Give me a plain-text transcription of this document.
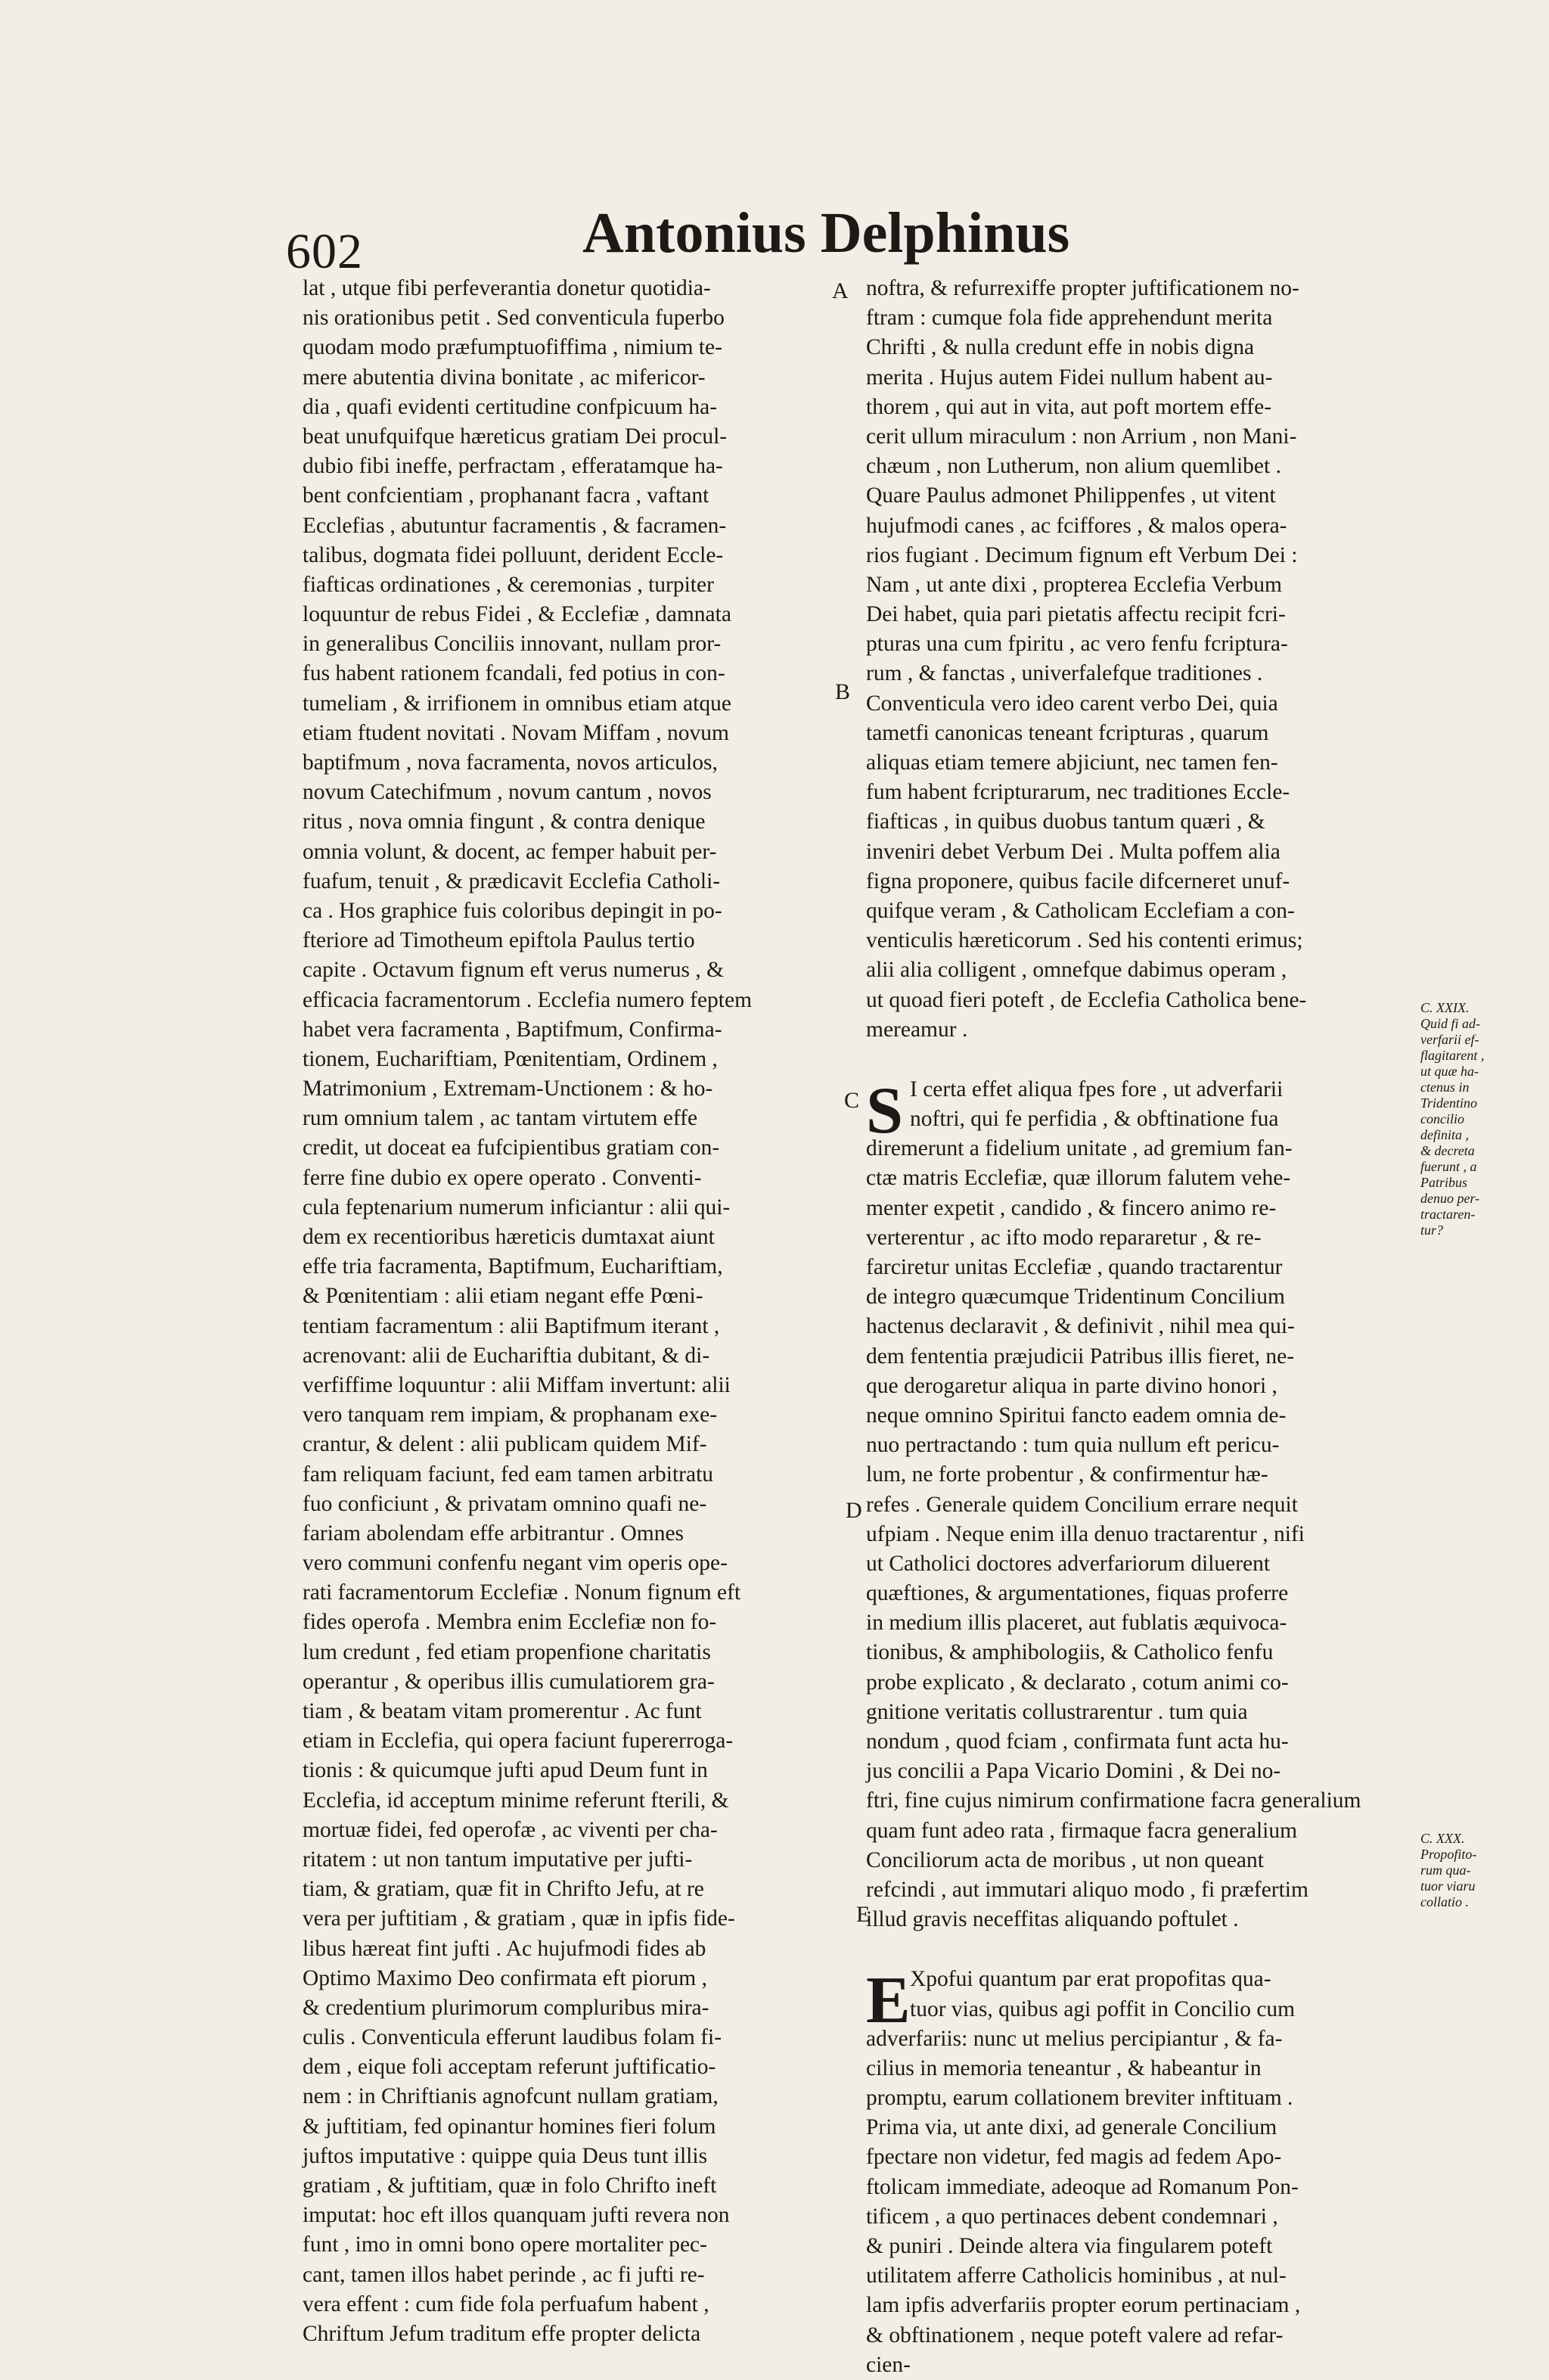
602	Antonius Delphinus
A
B
C
D
E
lat , utque fibi perfeverantia donetur quotidia-
nis orationibus petit . Sed conventicula fuperbo
quodam modo præfumptuofiffima , nimium te-
mere abutentia divina bonitate , ac mifericor-
dia , quafi evidenti certitudine confpicuum ha-
beat unufquifque hæreticus gratiam Dei procul-
dubio fibi ineffe, perfractam , efferatamque ha-
bent confcientiam , prophanant facra , vaftant
Ecclefias , abutuntur facramentis , & facramen-
talibus, dogmata fidei polluunt, derident Eccle-
fiafticas ordinationes , & ceremonias , turpiter
loquuntur de rebus Fidei , & Ecclefiæ , damnata
in generalibus Conciliis innovant, nullam pror-
fus habent rationem fcandali, fed potius in con-
tumeliam , & irrifionem in omnibus etiam atque
etiam ftudent novitati . Novam Miffam , novum
baptifmum , nova facramenta, novos articulos,
novum Catechifmum , novum cantum , novos
ritus , nova omnia fingunt , & contra denique
omnia volunt, & docent, ac femper habuit per-
fuafum, tenuit , & prædicavit Ecclefia Catholi-
ca . Hos graphice fuis coloribus depingit in po-
fteriore ad Timotheum epiftola Paulus tertio
capite . Octavum fignum eft verus numerus , &
efficacia facramentorum . Ecclefia numero feptem
habet vera facramenta , Baptifmum, Confirma-
tionem, Euchariftiam, Pœnitentiam, Ordinem ,
Matrimonium , Extremam-Unctionem : & ho-
rum omnium talem , ac tantam virtutem effe
credit, ut doceat ea fufcipientibus gratiam con-
ferre fine dubio ex opere operato . Conventi-
cula feptenarium numerum inficiantur : alii qui-
dem ex recentioribus hæreticis dumtaxat aiunt
effe tria facramenta, Baptifmum, Euchariftiam,
& Pœnitentiam : alii etiam negant effe Pœni-
tentiam facramentum : alii Baptifmum iterant ,
acrenovant: alii de Euchariftia dubitant, & di-
verfiffime loquuntur : alii Miffam invertunt: alii
vero tanquam rem impiam, & prophanam exe-
crantur, & delent : alii publicam quidem Mif-
fam reliquam faciunt, fed eam tamen arbitratu
fuo conficiunt , & privatam omnino quafi ne-
fariam abolendam effe arbitrantur . Omnes
vero communi confenfu negant vim operis ope-
rati facramentorum Ecclefiæ . Nonum fignum eft
fides operofa . Membra enim Ecclefiæ non fo-
lum credunt , fed etiam propenfione charitatis
operantur , & operibus illis cumulatiorem gra-
tiam , & beatam vitam promerentur . Ac funt
etiam in Ecclefia, qui opera faciunt fupererroga-
tionis : & quicumque jufti apud Deum funt in
Ecclefia, id acceptum minime referunt fterili, &
mortuæ fidei, fed operofæ , ac viventi per cha-
ritatem : ut non tantum imputative per jufti-
tiam, & gratiam, quæ fit in Chrifto Jefu, at re
vera per juftitiam , & gratiam , quæ in ipfis fide-
libus hæreat fint jufti . Ac hujufmodi fides ab
Optimo Maximo Deo confirmata eft piorum ,
& credentium plurimorum compluribus mira-
culis . Conventicula efferunt laudibus folam fi-
dem , eique foli acceptam referunt juftificatio-
nem : in Chriftianis agnofcunt nullam gratiam,
& juftitiam, fed opinantur homines fieri folum
juftos imputative : quippe quia Deus tunt illis
gratiam , & juftitiam, quæ in folo Chrifto ineft
imputat: hoc eft illos quanquam jufti revera non
funt , imo in omni bono opere mortaliter pec-
cant, tamen illos habet perinde , ac fi jufti re-
vera effent : cum fide fola perfuafum habent ,
Chriftum Jefum traditum effe propter delicta
noftra, & refurrexiffe propter juftificationem no-
ftram : cumque fola fide apprehendunt merita
Chrifti , & nulla credunt effe in nobis digna
merita . Hujus autem Fidei nullum habent au-
thorem , qui aut in vita, aut poft mortem effe-
cerit ullum miraculum : non Arrium , non Mani-
chæum , non Lutherum, non alium quemlibet .
Quare Paulus admonet Philippenfes , ut vitent
hujufmodi canes , ac fciffores , & malos opera-
rios fugiant . Decimum fignum eft Verbum Dei :
Nam , ut ante dixi , propterea Ecclefia Verbum
Dei habet, quia pari pietatis affectu recipit fcri-
pturas una cum fpiritu , ac vero fenfu fcriptura-
rum , & fanctas , univerfalefque traditiones .
Conventicula vero ideo carent verbo Dei, quia
tametfi canonicas teneant fcripturas , quarum
aliquas etiam temere abjiciunt, nec tamen fen-
fum habent fcripturarum, nec traditiones Eccle-
fiafticas , in quibus duobus tantum quæri , &
inveniri debet Verbum Dei . Multa poffem alia
figna proponere, quibus facile difcerneret unuf-
quifque veram , & Catholicam Ecclefiam a con-
venticulis hæreticorum . Sed his contenti erimus;
alii alia colligent , omnefque dabimus operam ,
ut quoad fieri poteft , de Ecclefia Catholica bene-
mereamur .
S I certa effet aliqua fpes fore , ut adverfarii
noftri, qui fe perfidia , & obftinatione fua
diremerunt a fidelium unitate , ad gremium fan-
ctæ matris Ecclefiæ, quæ illorum falutem vehe-
menter expetit , candido , & fincero animo re-
verterentur , ac ifto modo repararetur , & re-
farciretur unitas Ecclefiæ , quando tractarentur
de integro quæcumque Tridentinum Concilium
hactenus declaravit , & definivit , nihil mea qui-
dem fententia præjudicii Patribus illis fieret, ne-
que derogaretur aliqua in parte divino honori ,
neque omnino Spiritui fancto eadem omnia de-
nuo pertractando : tum quia nullum eft pericu-
lum, ne forte probentur , & confirmentur hæ-
refes . Generale quidem Concilium errare nequit
ufpiam . Neque enim illa denuo tractarentur , nifi
ut Catholici doctores adverfariorum diluerent
quæftiones, & argumentationes, fiquas proferre
in medium illis placeret, aut fublatis æquivoca-
tionibus, & amphibologiis, & Catholico fenfu
probe explicato , & declarato , cotum animi co-
gnitione veritatis collustrarentur . tum quia
nondum , quod fciam , confirmata funt acta hu-
jus concilii a Papa Vicario Domini , & Dei no-
ftri, fine cujus nimirum confirmatione facra generalium
quam funt adeo rata , firmaque facra generalium
Conciliorum acta de moribus , ut non queant
refcindi , aut immutari aliquo modo , fi præfertim
illud gravis neceffitas aliquando poftulet .
E Xpofui quantum par erat propofitas qua-
tuor vias, quibus agi poffit in Concilio cum
adverfariis: nunc ut melius percipiantur , & fa-
cilius in memoria teneantur , & habeantur in
promptu, earum collationem breviter inftituam .
Prima via, ut ante dixi, ad generale Concilium
fpectare non videtur, fed magis ad fedem Apo-
ftolicam immediate, adeoque ad Romanum Pon-
tificem , a quo pertinaces debent condemnari ,
& puniri . Deinde altera via fingularem poteft
utilitatem afferre Catholicis hominibus , at nul-
lam ipfis adverfariis propter eorum pertinaciam ,
& obftinationem , neque poteft valere ad refar-
cien-
C. XXIX.
Quid fi ad-
verfarii ef-
flagitarent ,
ut quæ ha-
ctenus in
Tridentino
concilio
definita ,
& decreta
fuerunt , a
Patribus
denuo per-
tractaren-
tur?
C. XXX.
Propofito-
rum qua-
tuor viaru
collatio .
